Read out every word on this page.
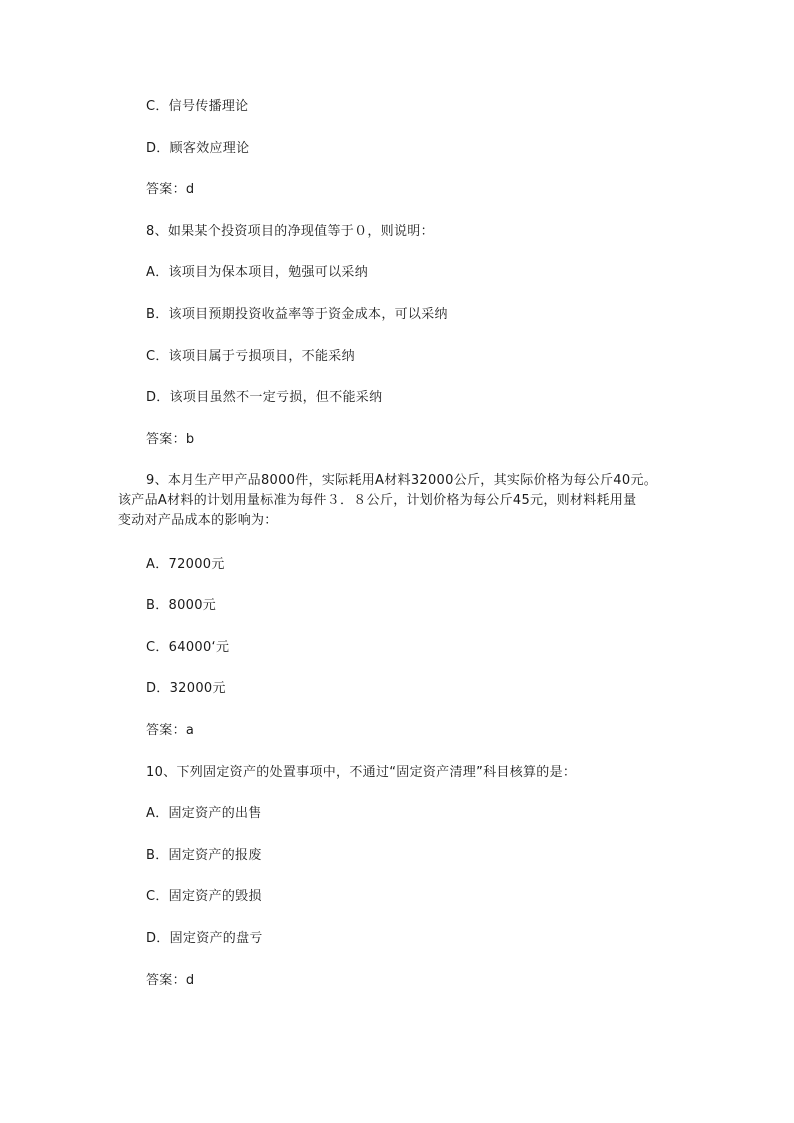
C．信号传播理论
D．顾客效应理论
答案：d
8、如果某个投资项目的净现值等于０，则说明：
A．该项目为保本项目，勉强可以采纳
B．该项目预期投资收益率等于资金成本，可以采纳
C．该项目属于亏损项目，不能采纳
D．该项目虽然不一定亏损，但不能采纳
答案：b
9、本月生产甲产品8000件，实际耗用A材料32000公斤，其实际价格为每公斤40元。
该产品A材料的计划用量标准为每件３．８公斤，计划价格为每公斤45元，则材料耗用量
变动对产品成本的影响为：
A．72000元
B．8000元
C．64000‘元
D．32000元
答案：a
10、下列固定资产的处置事项中，不通过“固定资产清理”科目核算的是：
A．固定资产的出售
B．固定资产的报废
C．固定资产的毁损
D．固定资产的盘亏
答案：d
